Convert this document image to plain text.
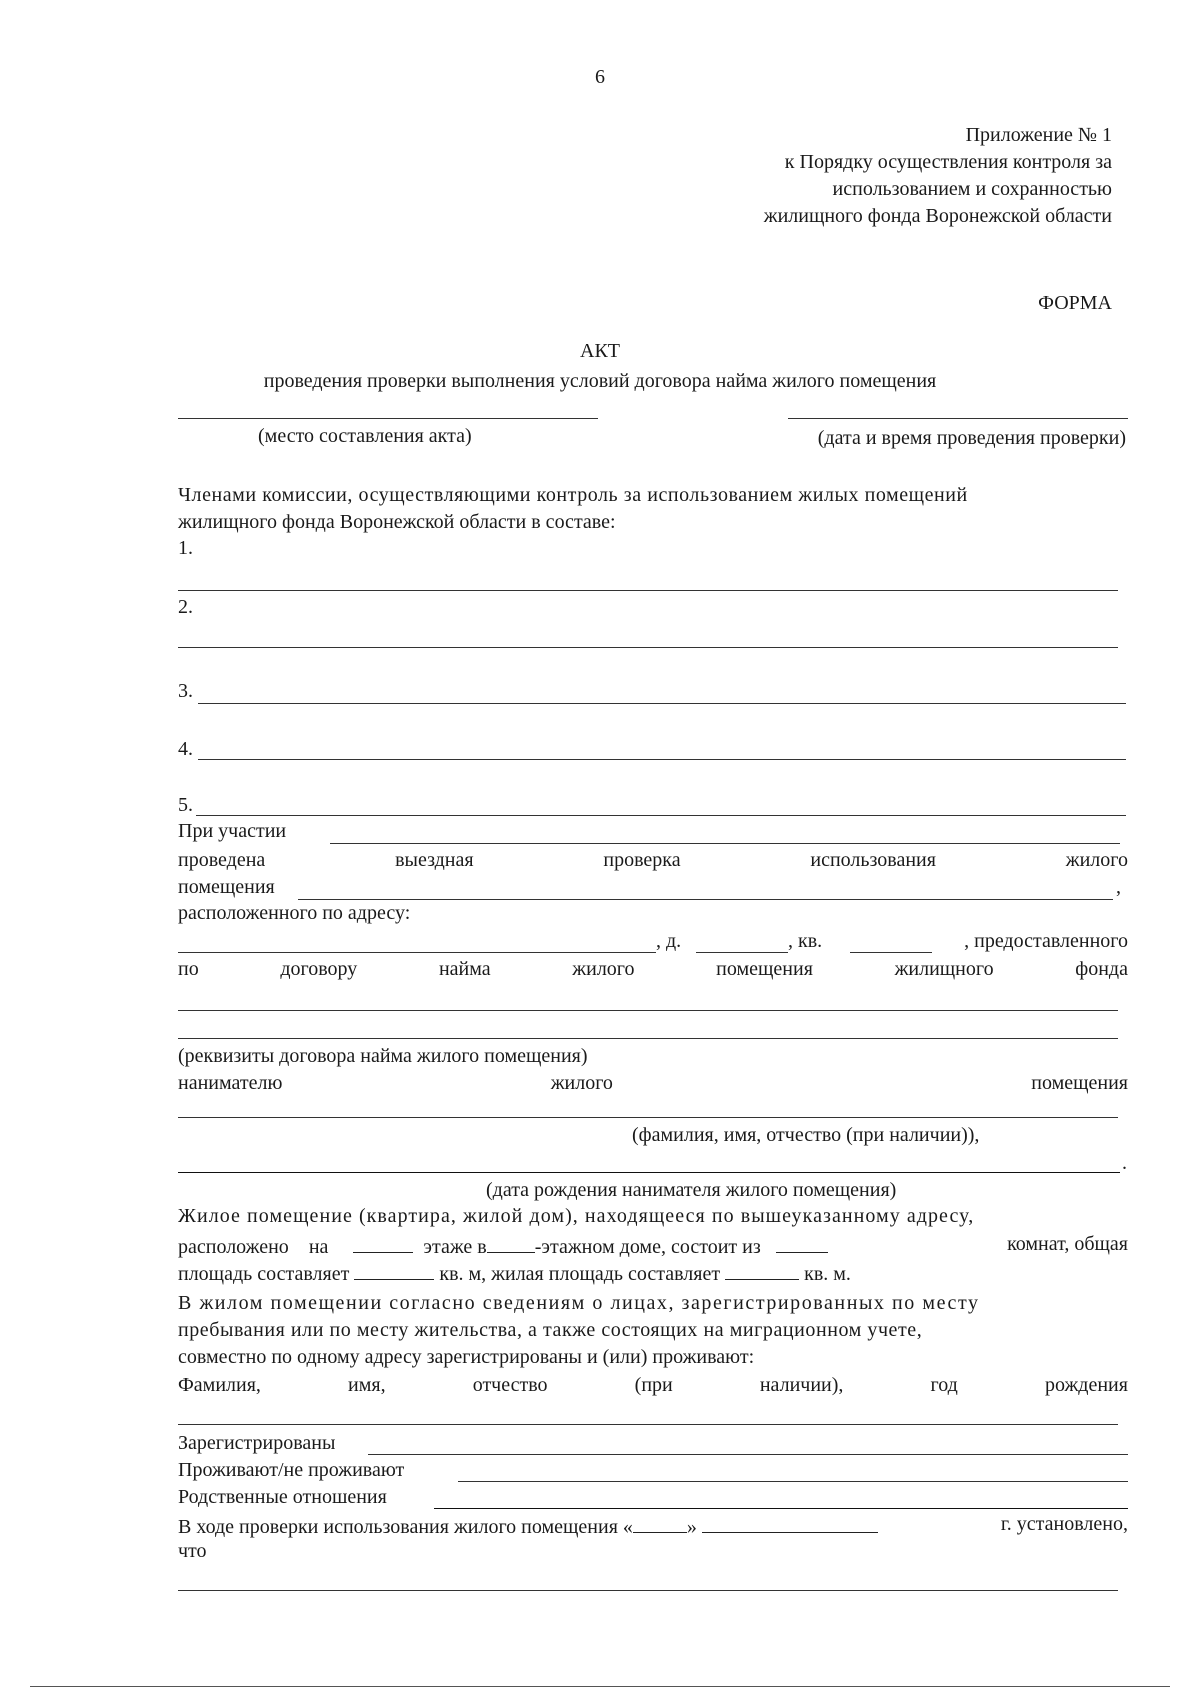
6
Приложение № 1
к Порядку осуществления контроля за
использованием и сохранностью
жилищного фонда Воронежской области
ФОРМА
АКТ
проведения проверки выполнения условий договора найма жилого помещения
(место составления акта)	(дата и время проведения проверки)
Членами комиссии, осуществляющими контроль за использованием жилых помещений
жилищного фонда Воронежской области в составе:
1.
2.
3.
4.
5.
При участии
проведена	выездная	проверка	использования	жилого
помещения	,
расположенного по адресу:
, д.	, кв.	, предоставленного
по	договору	найма	жилого	помещения	жилищного	фонда
(реквизиты договора найма жилого помещения)
нанимателю	жилого	помещения
(фамилия, имя, отчество (при наличии)),
.
(дата рождения нанимателя жилого помещения)
Жилое помещение (квартира, жилой дом), находящееся по вышеуказанному адресу,
расположено на	этаже в -этажном доме, состоит из	комнат, общая
площадь составляет	кв. м, жилая площадь составляет	кв. м.
В жилом помещении согласно сведениям о лицах, зарегистрированных по месту
пребывания или по месту жительства, а также состоящих на миграционном учете,
совместно по одному адресу зарегистрированы и (или) проживают:
Фамилия,	имя,	отчество	(при	наличии),	год	рождения
Зарегистрированы
Проживают/не проживают
Родственные отношения
В ходе проверки использования жилого помещения «	»	г. установлено,
что
